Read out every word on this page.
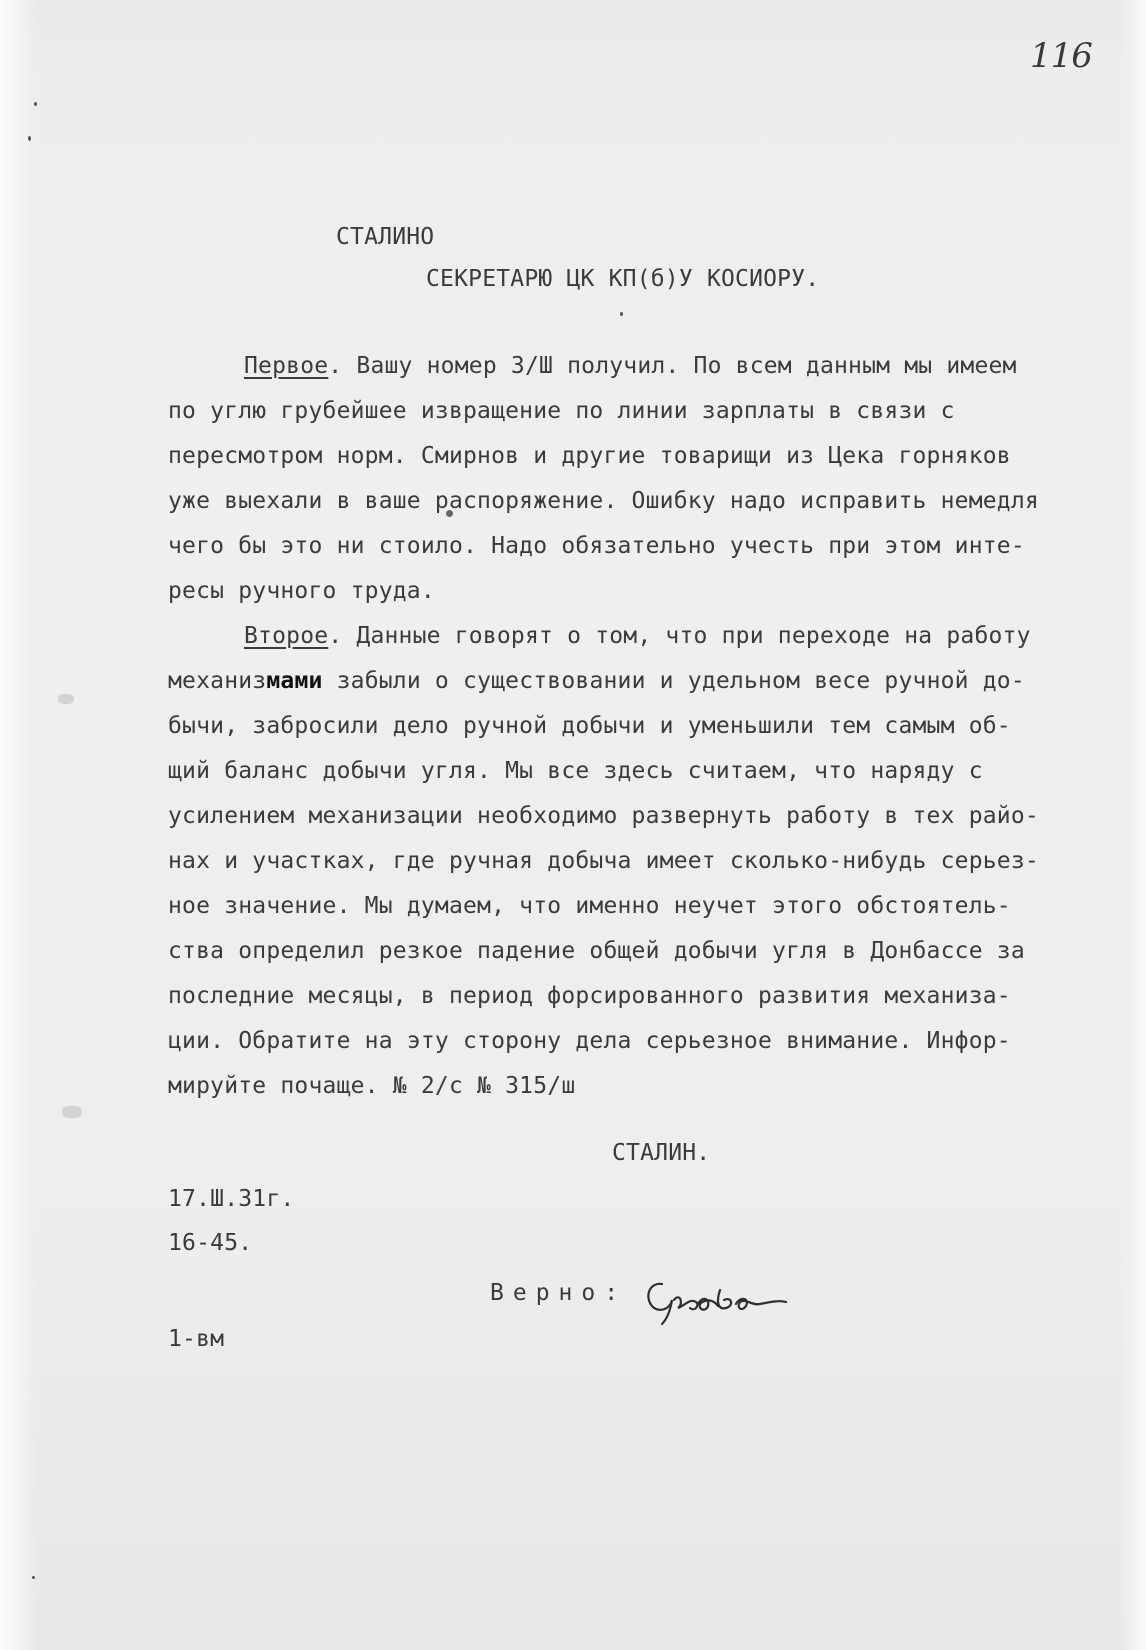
116
СТАЛИНО
СЕКРЕТАРЮ ЦК КП(б)У КОСИОРУ.
Первое. Вашу номер 3/Ш получил. По всем данным мы имеем
по углю грубейшее извращение по линии зарплаты в связи с
пересмотром норм. Смирнов и другие товарищи из Цека горняков
уже выехали в ваше распоряжение. Ошибку надо исправить немедля
чего бы это ни стоило. Надо обязательно учесть при этом инте-
ресы ручного труда.
Второе. Данные говорят о том, что при переходе на работу
механизмами забыли о существовании и удельном весе ручной до-
бычи, забросили дело ручной добычи и уменьшили тем самым об-
щий баланс добычи угля. Мы все здесь считаем, что наряду с
усилением механизации необходимо развернуть работу в тех райо-
нах и участках, где ручная добыча имеет сколько-нибудь серьез-
ное значение. Мы думаем, что именно неучет этого обстоятель-
ства определил резкое падение общей добычи угля в Донбассе за
последние месяцы, в период форсированного развития механиза-
ции. Обратите на эту сторону дела серьезное внимание. Инфор-
мируйте почаще. № 2/с № 315/ш
СТАЛИН.
17.Ш.31г.
16-45.
Верно:
1-вм
